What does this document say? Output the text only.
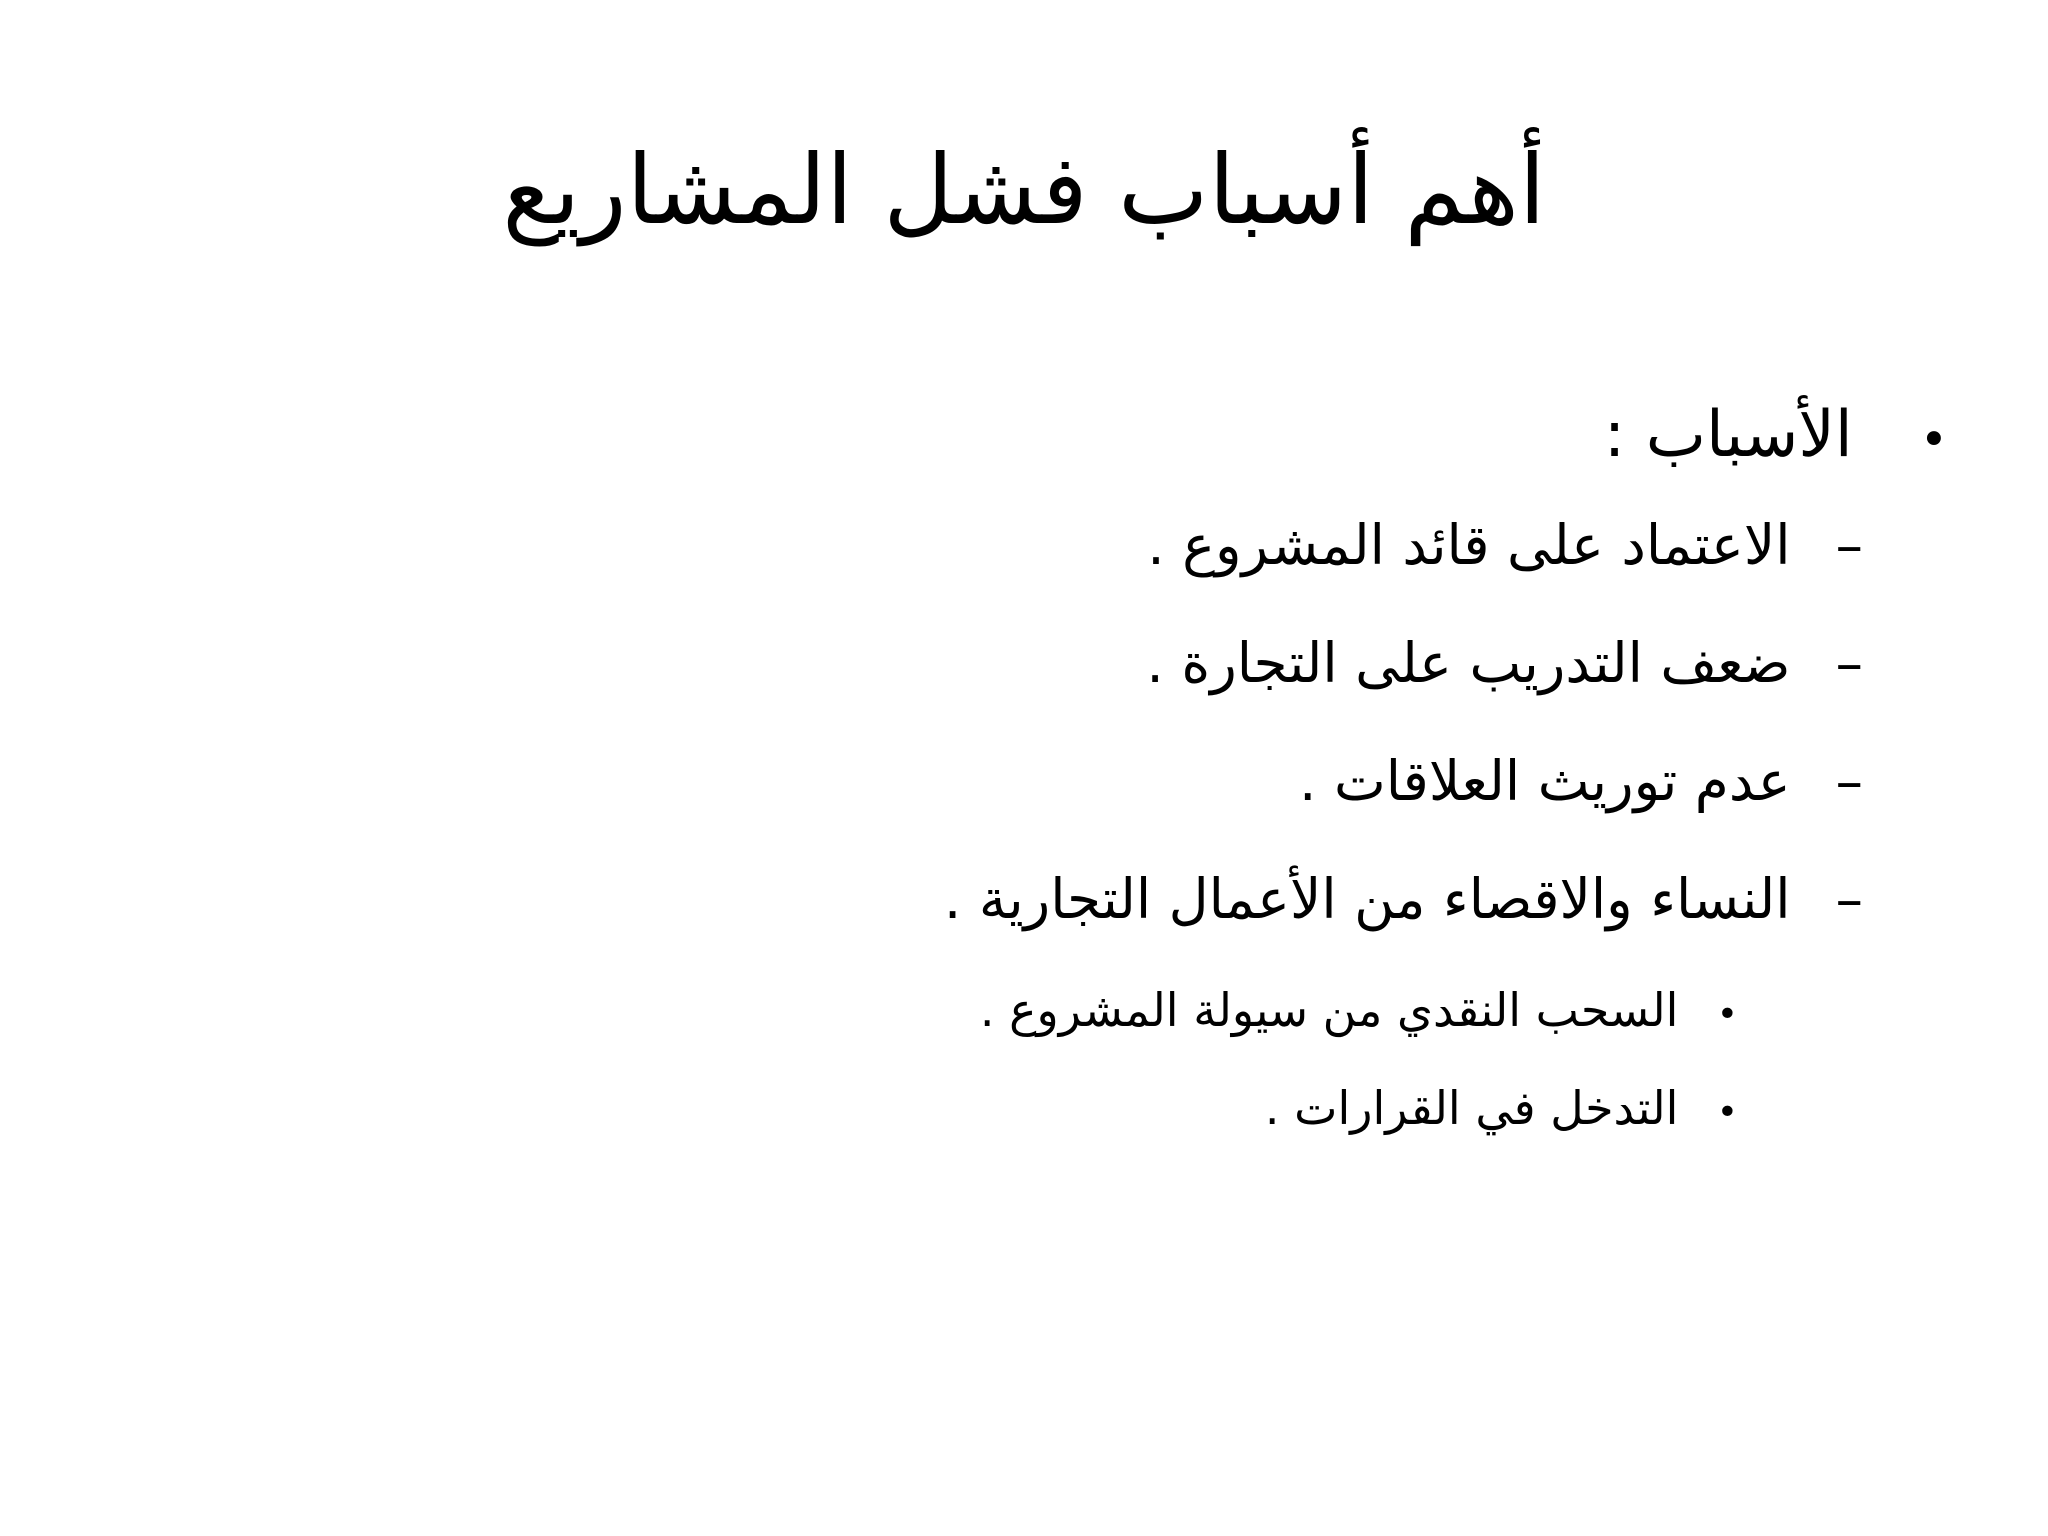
أهم أسباب فشل المشاريع
• الأسباب :
– الاعتماد على قائد المشروع .
– ضعف التدريب على التجارة .
– عدم توريث العلاقات .
– النساء والاقصاء من الأعمال التجارية .
• السحب النقدي من سيولة المشروع .
• التدخل في القرارات .
